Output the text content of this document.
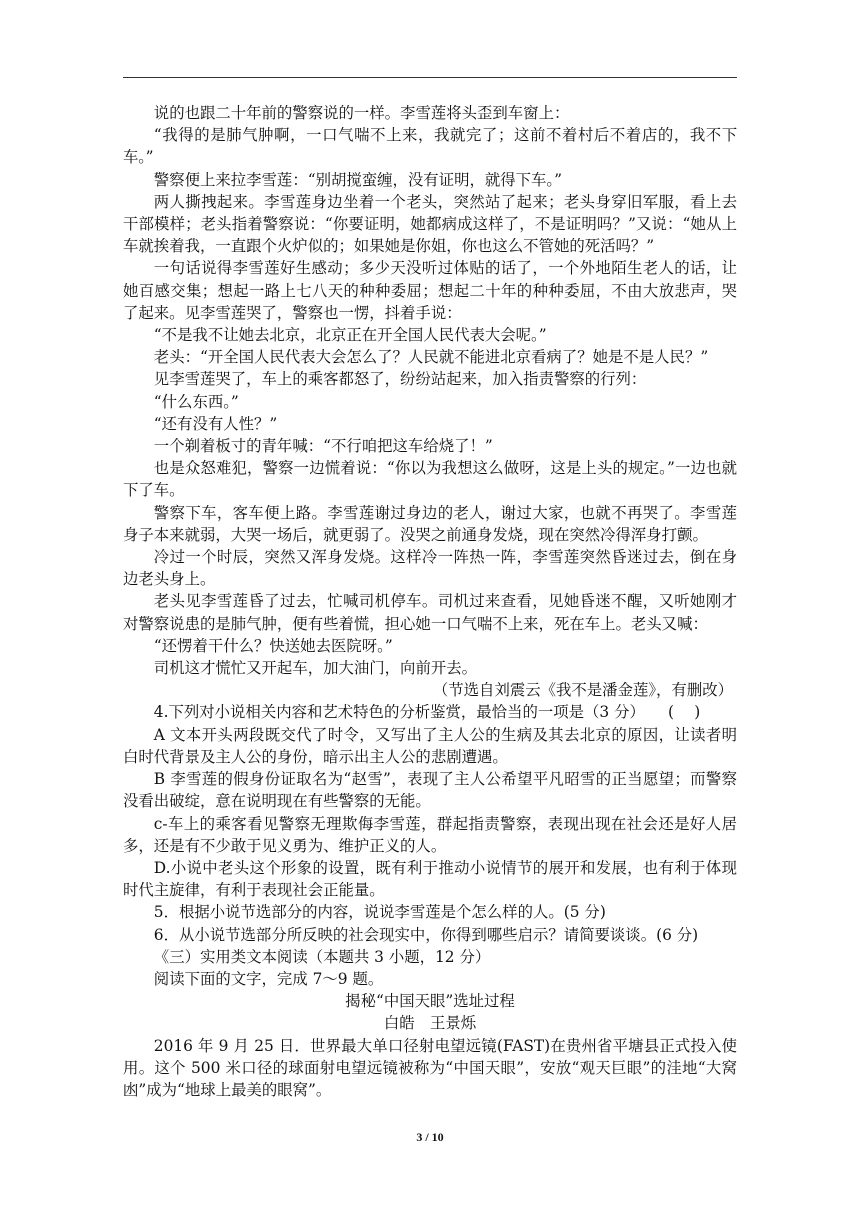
说的也跟二十年前的警察说的一样。李雪莲将头歪到车窗上：

“我得的是肺气肿啊，一口气喘不上来，我就完了；这前不着村后不着店的，我不下车。”

警察便上来拉李雪莲：“别胡搅蛮缠，没有证明，就得下车。”

两人撕拽起来。李雪莲身边坐着一个老头，突然站了起来；老头身穿旧军服，看上去干部模样；老头指着警察说：“你要证明，她都病成这样了，不是证明吗？”又说：“她从上车就挨着我，一直跟个火炉似的；如果她是你姐，你也这么不管她的死活吗？”

一句话说得李雪莲好生感动；多少天没听过体贴的话了，一个外地陌生老人的话，让她百感交集；想起一路上七八天的种种委屈；想起二十年的种种委屈，不由大放悲声，哭了起来。见李雪莲哭了，警察也一愣，抖着手说：

“不是我不让她去北京，北京正在开全国人民代表大会呢。”

老头：“开全国人民代表大会怎么了？人民就不能进北京看病了？她是不是人民？”

见李雪莲哭了，车上的乘客都怒了，纷纷站起来，加入指责警察的行列：

“什么东西。”

“还有没有人性？”

一个剃着板寸的青年喊：“不行咱把这车给烧了！”

也是众怒难犯，警察一边慌着说：“你以为我想这么做呀，这是上头的规定。”一边也就下了车。

警察下车，客车便上路。李雪莲谢过身边的老人，谢过大家，也就不再哭了。李雪莲身子本来就弱，大哭一场后，就更弱了。没哭之前通身发烧，现在突然冷得浑身打颤。

冷过一个时辰，突然又浑身发烧。这样冷一阵热一阵，李雪莲突然昏迷过去，倒在身边老头身上。

老头见李雪莲昏了过去，忙喊司机停车。司机过来查看，见她昏迷不醒，又听她刚才对警察说患的是肺气肿，便有些着慌，担心她一口气喘不上来，死在车上。老头又喊：

“还愣着干什么？快送她去医院呀。”

司机这才慌忙又开起车，加大油门，向前开去。

（节选自刘震云《我不是潘金莲》，有删改）

4.下列对小说相关内容和艺术特色的分析鉴赏，最恰当的一项是（3 分）　　(　 )

A 文本开头两段既交代了时令，又写出了主人公的生病及其去北京的原因，让读者明白时代背景及主人公的身份，暗示出主人公的悲剧遭遇。

B 李雪莲的假身份证取名为“赵雪”，表现了主人公希望平凡昭雪的正当愿望；而警察没看出破绽，意在说明现在有些警察的无能。

c-车上的乘客看见警察无理欺侮李雪莲，群起指责警察，表现出现在社会还是好人居多，还是有不少敢于见义勇为、维护正义的人。

D.小说中老头这个形象的设置，既有利于推动小说情节的展开和发展，也有利于体现时代主旋律，有利于表现社会正能量。

5．根据小说节选部分的内容，说说李雪莲是个怎么样的人。(5 分)

6．从小说节选部分所反映的社会现实中，你得到哪些启示？请简要谈谈。(6 分)

《三）实用类文本阅读（本题共 3 小题，12 分）

阅读下面的文字，完成 7～9 题。

揭秘“中国天眼”选址过程

白皓　王景烁

2016 年 9 月 25 日．世界最大单口径射电望远镜(FAST)在贵州省平塘县正式投入使用。这个 500 米口径的球面射电望远镜被称为“中国天眼”，安放“观天巨眼”的洼地“大窝凼”成为“地球上最美的眼窝”。

3 / 10
